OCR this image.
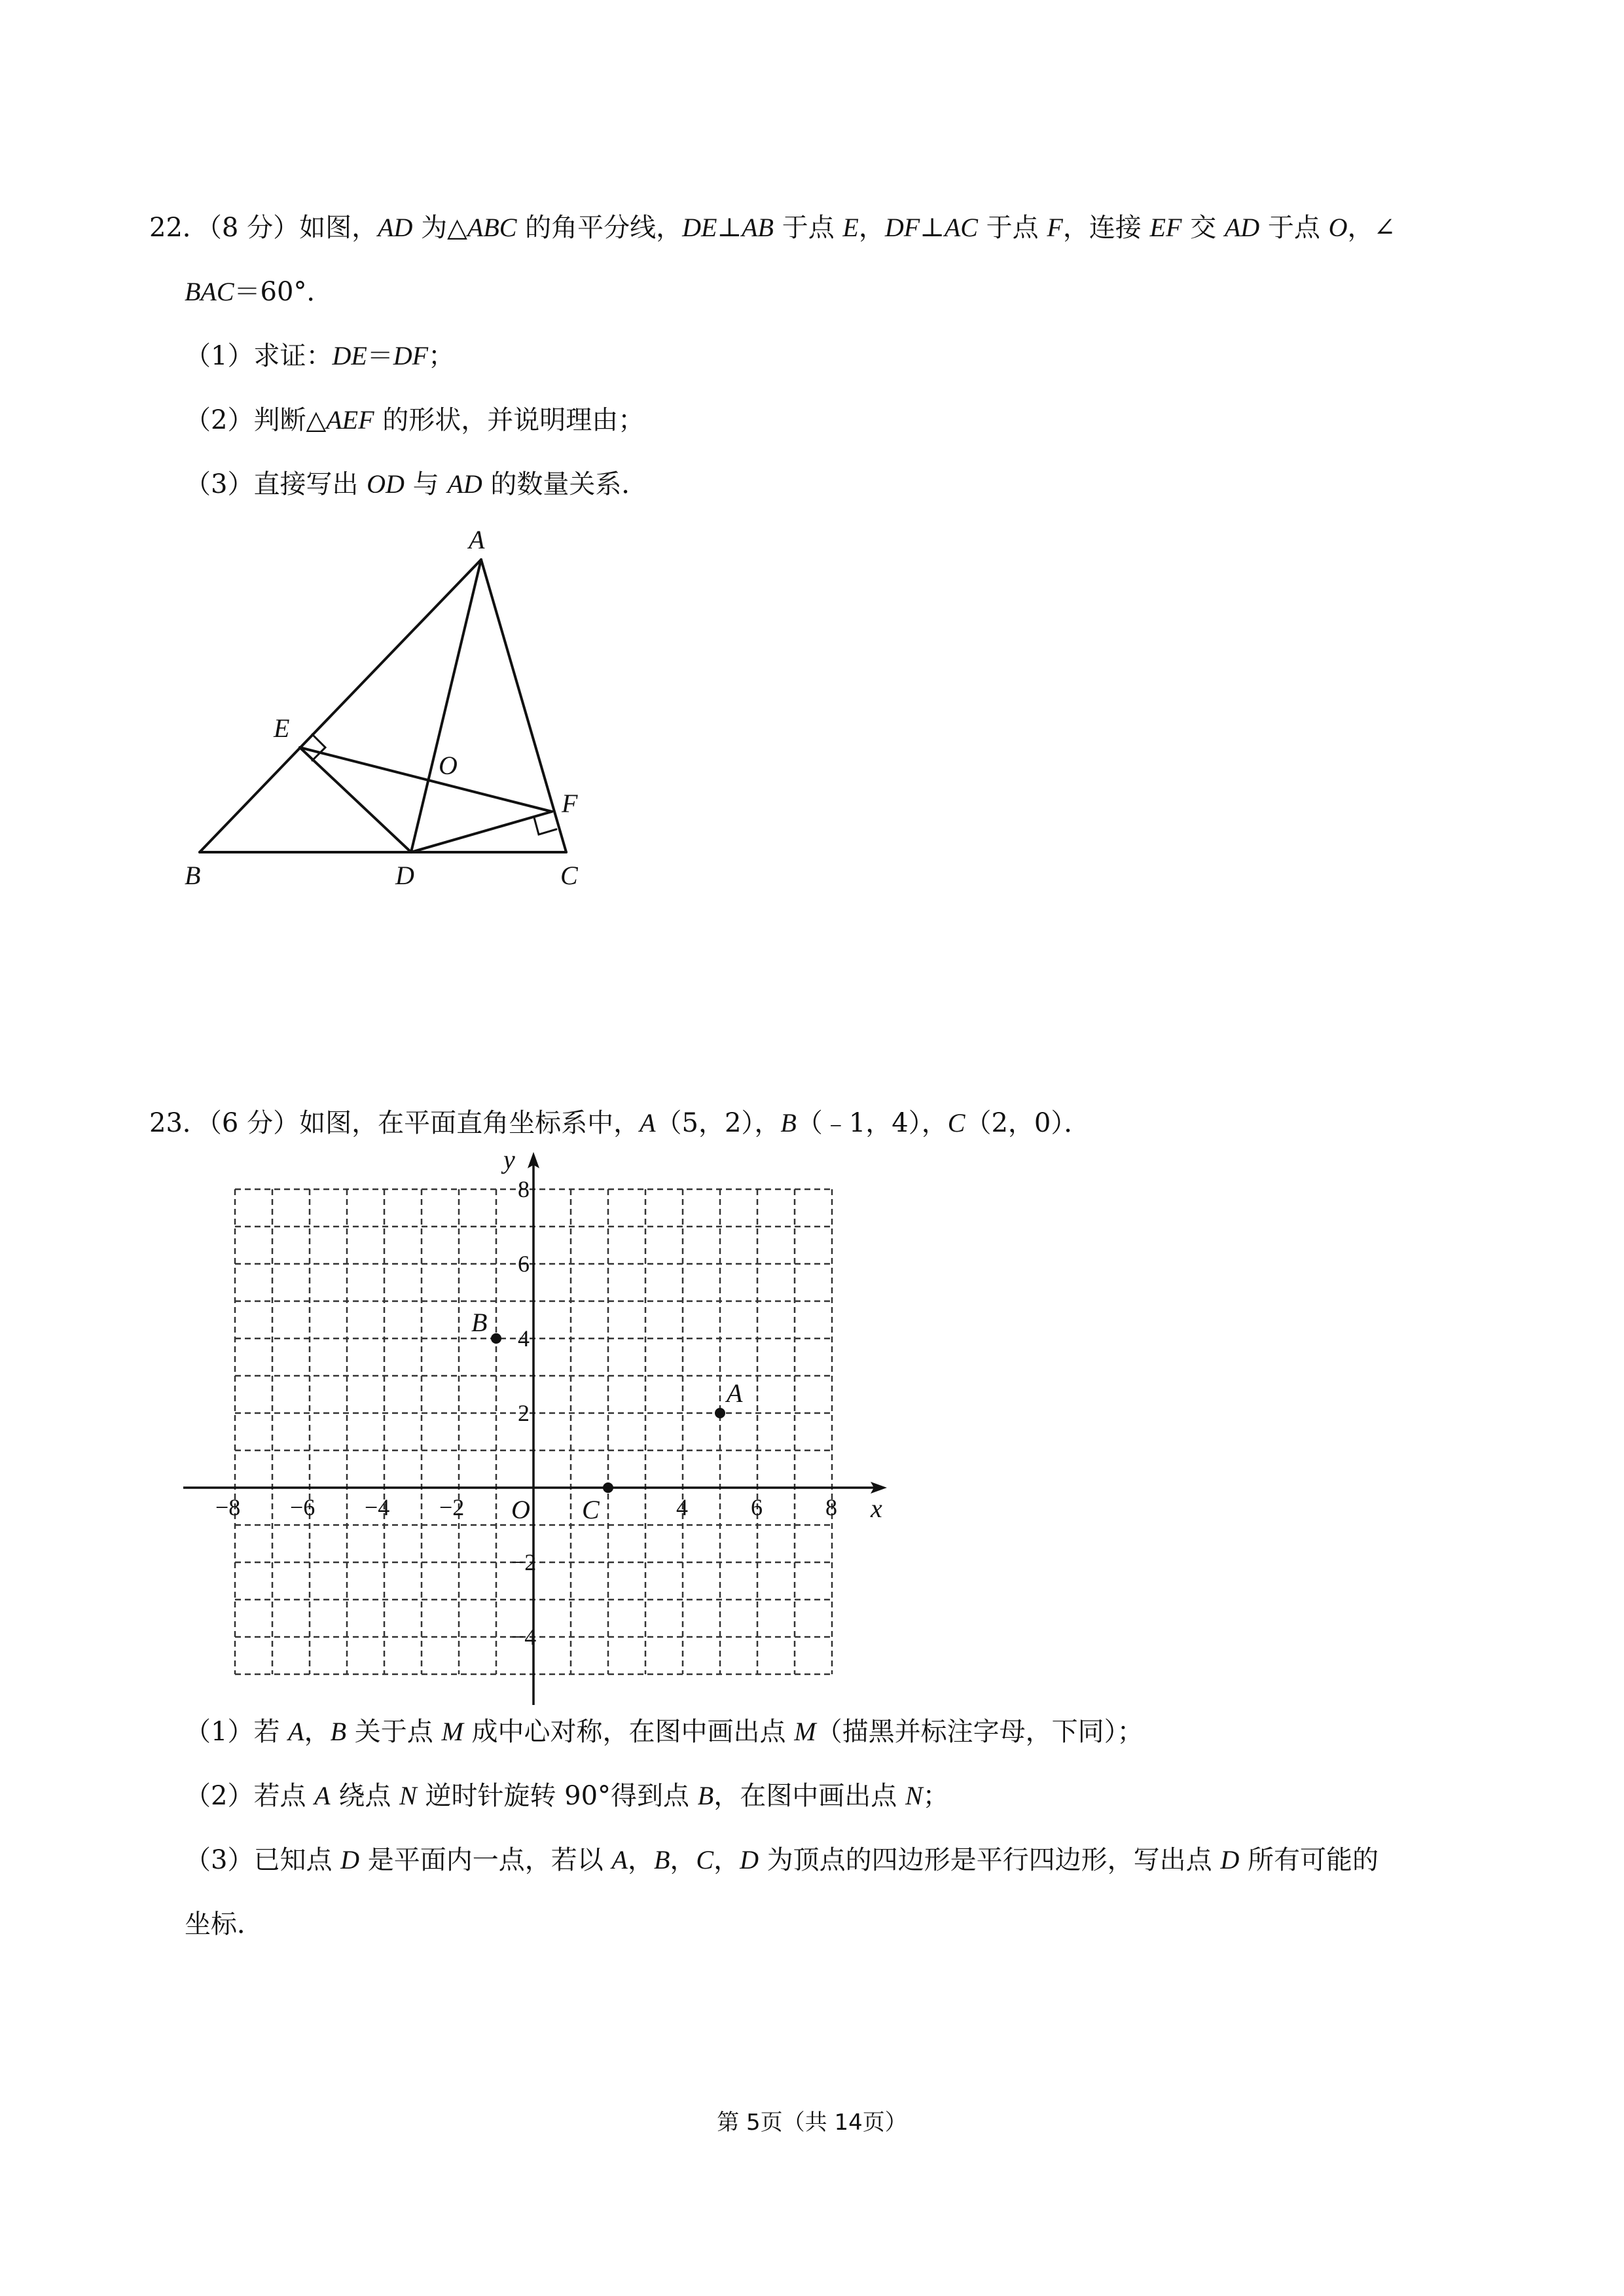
22．（8 分）如图，AD 为△ABC 的角平分线，DE⊥AB 于点 E，DF⊥AC 于点 F，连接 EF 交 AD 于点 O，∠
BAC＝60°．
（1）求证：DE＝DF；
（2）判断△AEF 的形状，并说明理由；
（3）直接写出 OD 与 AD 的数量关系．
A
E
O
F
B	D	C
23．（6 分）如图，在平面直角坐标系中，A（5，2），B（﹣1，4），C（2，0）．
−8 −6 −4 −2	4	6	8
8
6
4
2
−2
−4
O	x
y
A
B
C
（1）若 A，B 关于点 M 成中心对称，在图中画出点 M（描黑并标注字母，下同）；
（2）若点 A 绕点 N 逆时针旋转 90°得到点 B，在图中画出点 N；
（3）已知点 D 是平面内一点，若以 A，B，C，D 为顶点的四边形是平行四边形，写出点 D 所有可能的
坐标．
第 5页（共 14页）
